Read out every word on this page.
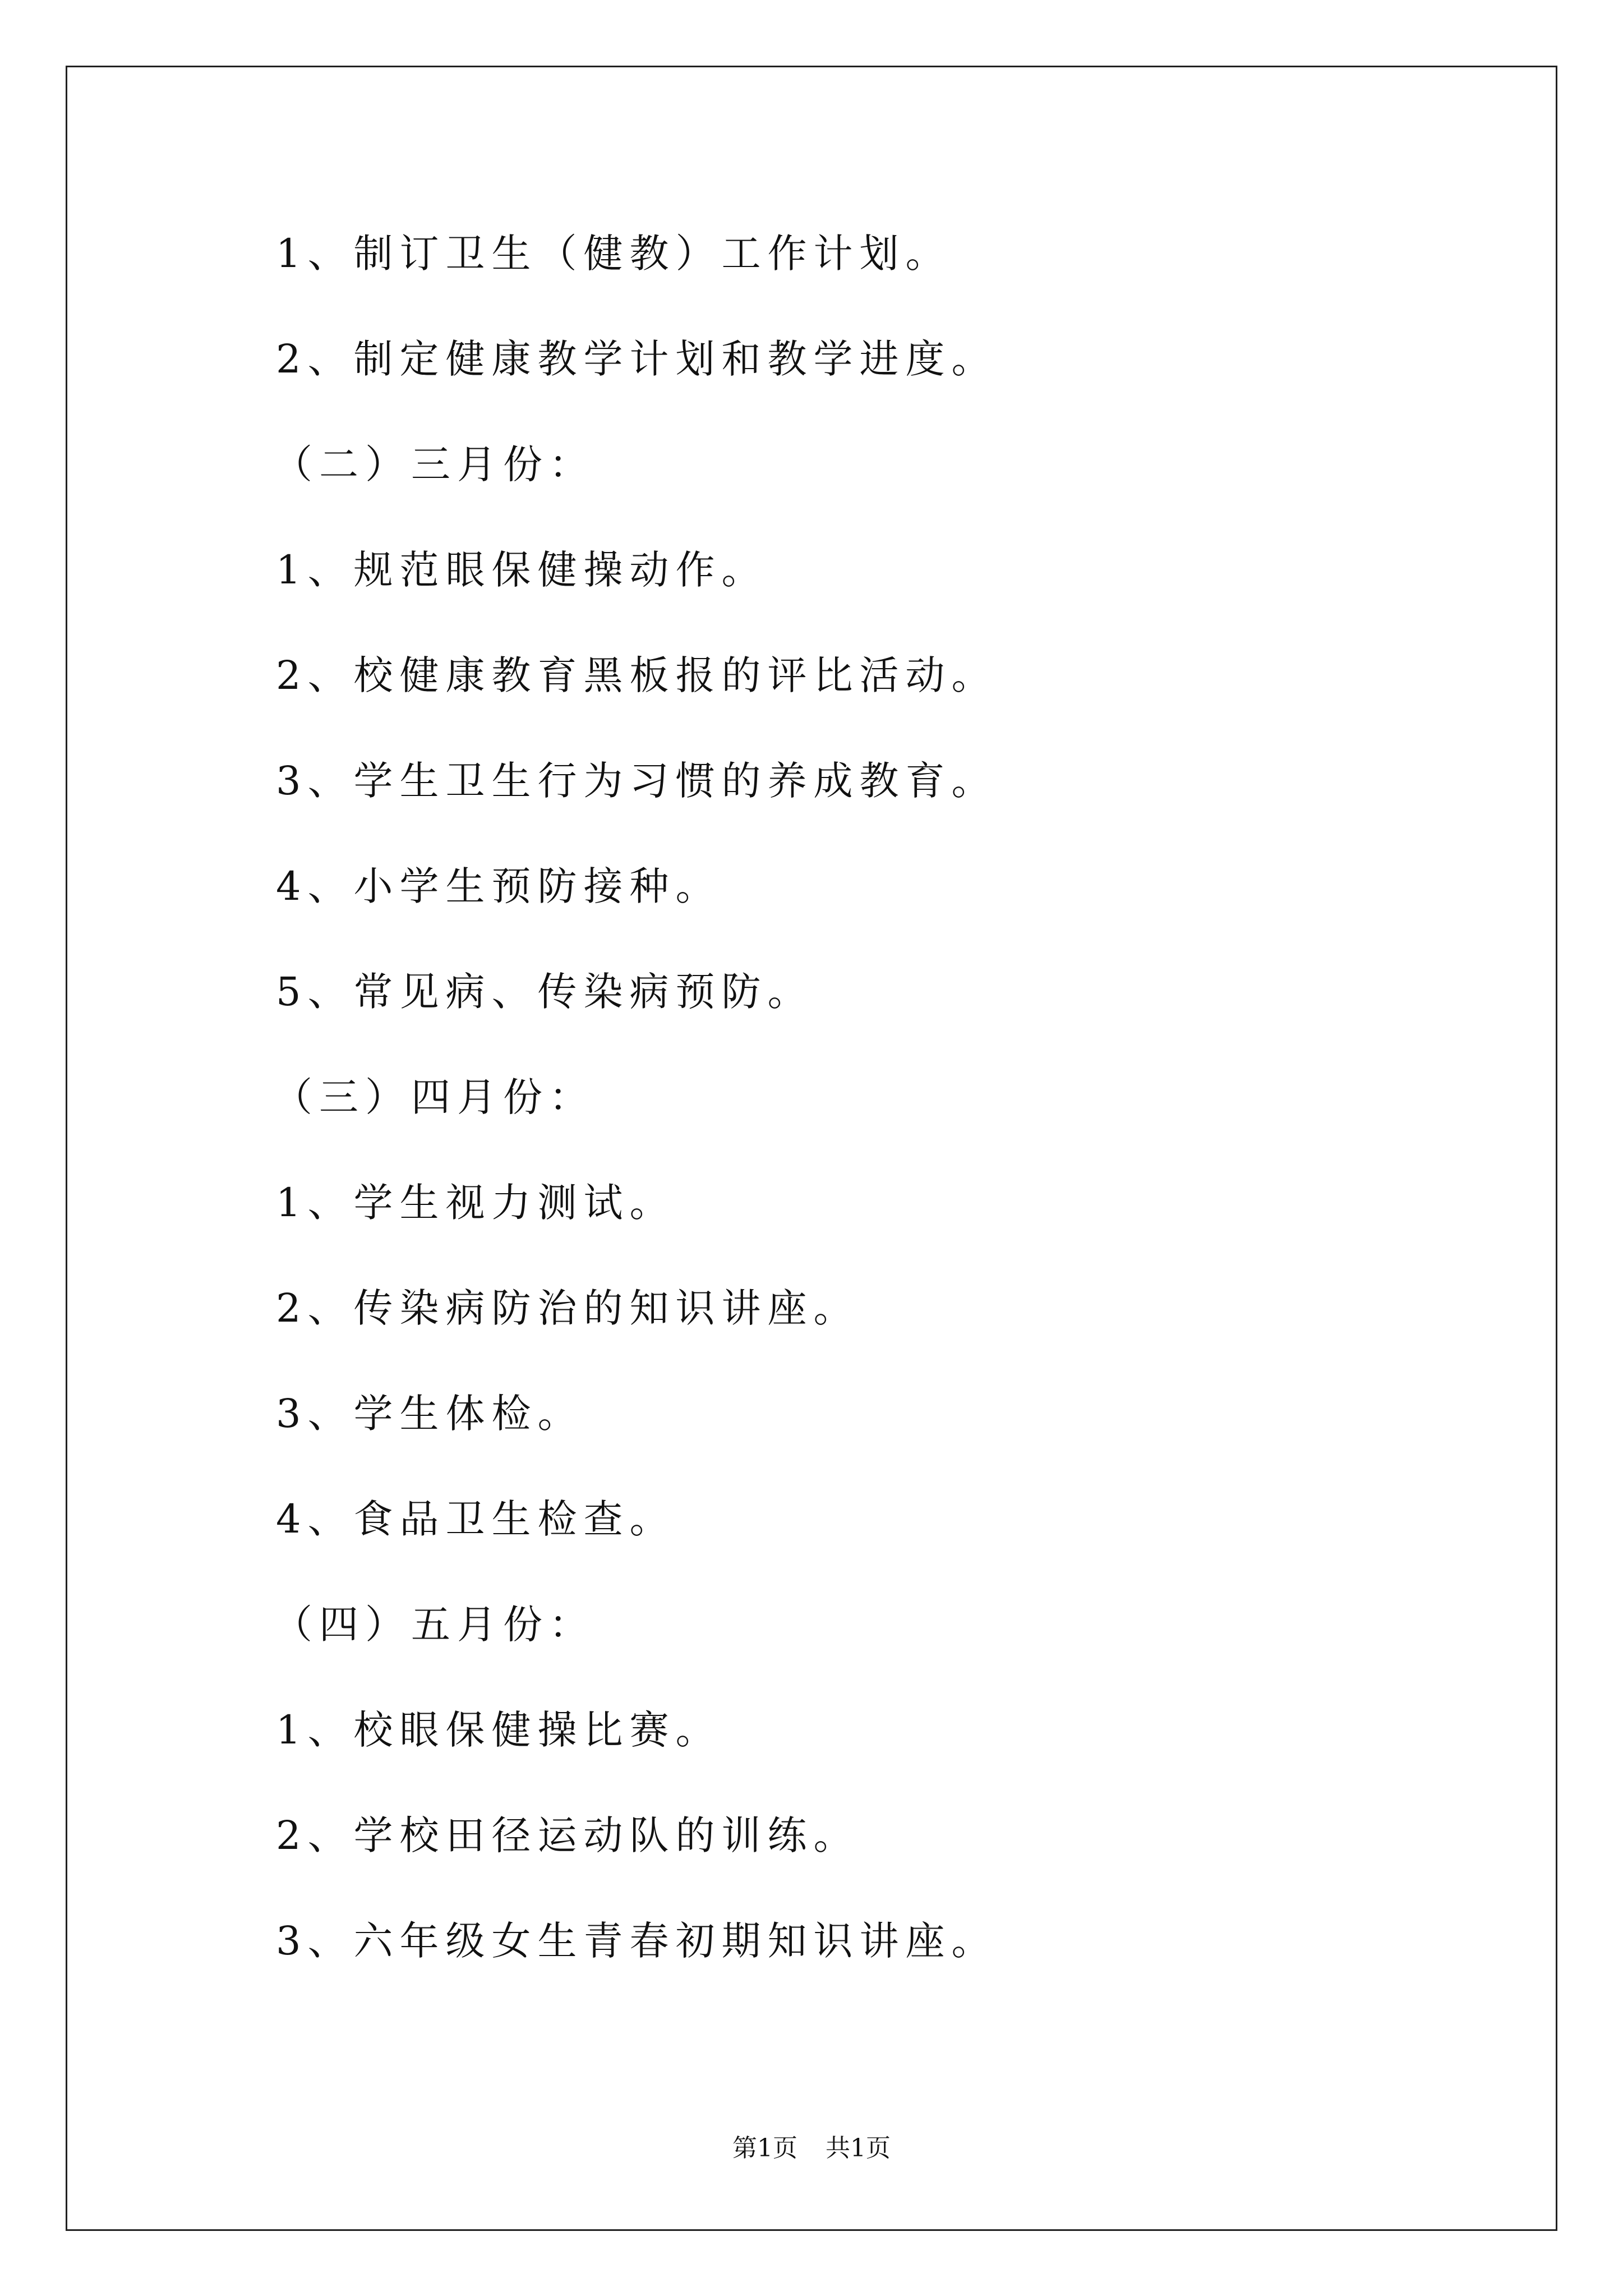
1、制订卫生（健教）工作计划。
2、制定健康教学计划和教学进度。
（二）三月份：
1、规范眼保健操动作。
2、校健康教育黑板报的评比活动。
3、学生卫生行为习惯的养成教育。
4、小学生预防接种。
5、常见病、传染病预防。
（三）四月份：
1、学生视力测试。
2、传染病防治的知识讲座。
3、学生体检。
4、食品卫生检查。
（四）五月份：
1、校眼保健操比赛。
2、学校田径运动队的训练。
3、六年级女生青春初期知识讲座。
第1页 共1页
